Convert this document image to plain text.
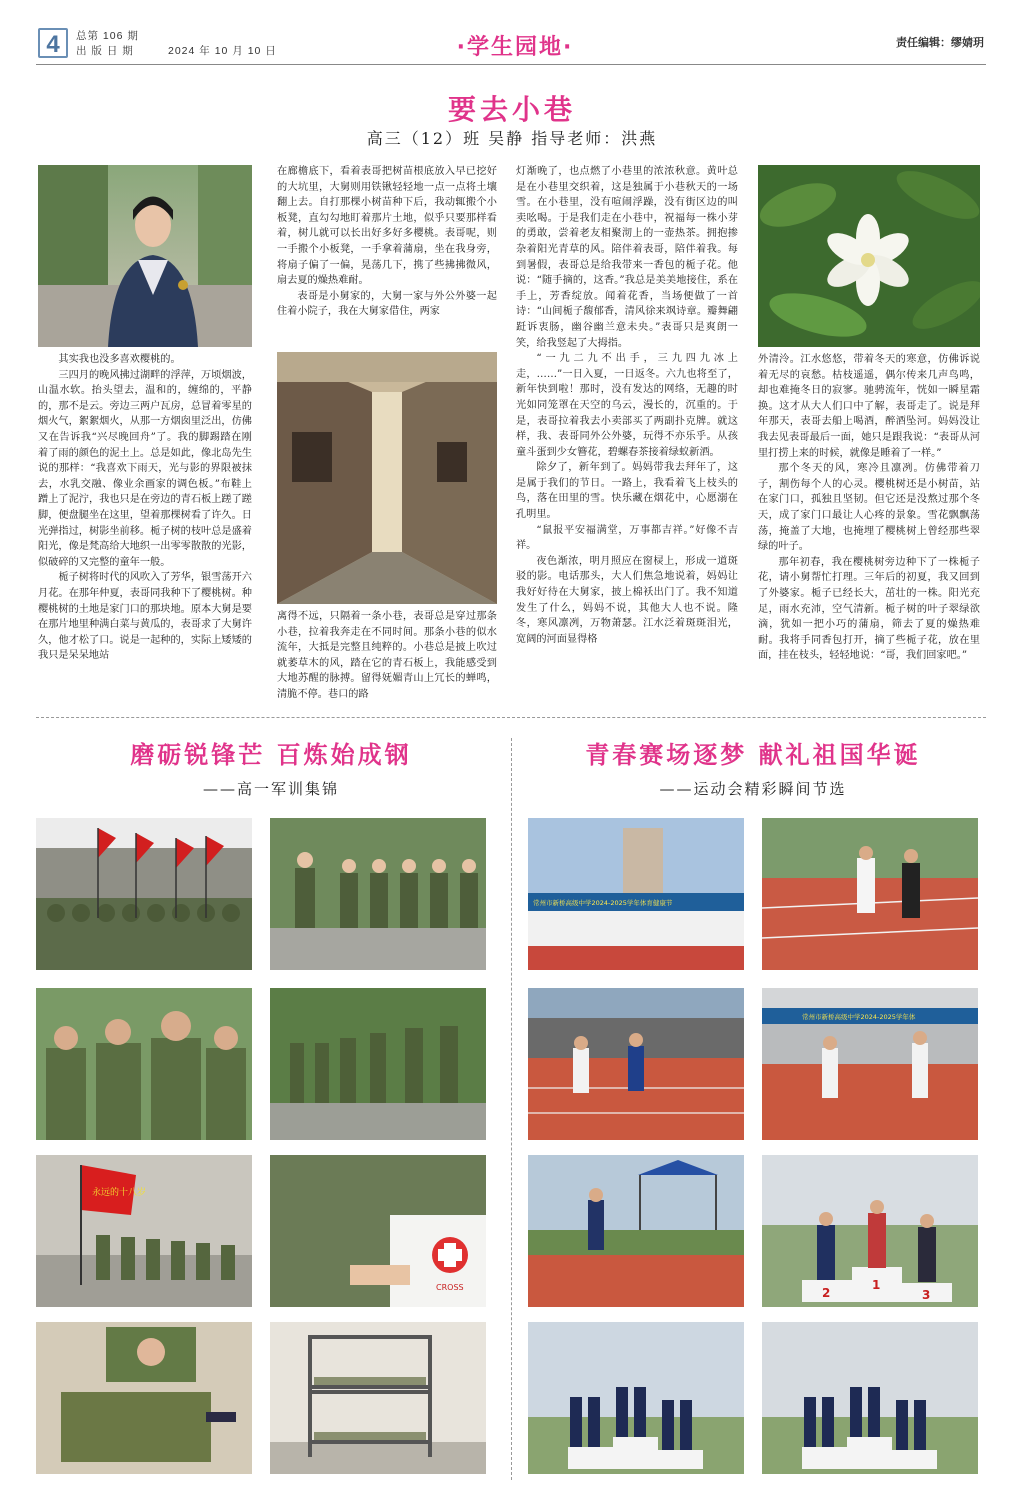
4	总第 106 期
出 版 日 期	2024 年 10 月 10 日	·学生园地·	责任编辑：缪婧玥
要去小巷
高三（12）班 吴静 指导老师：洪燕

其实我也没多喜欢樱桃的。

三四月的晚风拂过湖畔的浮萍，万顷烟波，山温水软。抬头望去，温和的，缠绵的，平静的，那不是云。旁边三两户瓦房，总冒着零星的烟火气，絮絮烟火，从那一方烟囱里泛出，仿佛又在告诉我“兴尽晚回舟”了。我的脚踢踏在刚着了雨的颜色的泥土上。总是如此，像北岛先生说的那样：“我喜欢下雨天，光与影的界限被抹去，水乳交融、像业余画家的调色板。”布鞋上蹭上了泥泞，我也只是在旁边的青石板上蹉了蹉脚，便盘腿坐在这里，望着那棵树看了许久。日光弹指过，树影坐前移。栀子树的枝叶总是盛着阳光，像是梵高给大地织一出零零散散的光影，似破碎的又完整的童年一般。

栀子树将时代的风吹入了芳华，银雪荡开六月花。在那年仲夏，表哥同我种下了樱桃树。种樱桃树的土地是家门口的那块地。原本大舅是要在那片地里种满白菜与黄瓜的，表哥求了大舅许久，他才松了口。说是一起种的，实际上矮矮的我只是呆呆地站

在廊檐底下，看着表哥把树苗根底放入早已挖好的大坑里，大舅则用铁锹轻轻地一点一点将土壤翻上去。自打那棵小树苗种下后，我动辄搬个小板凳，直勾勾地盯着那片土地，似乎只要那样看着，树儿就可以长出好多好多樱桃。表哥呢，则一手搬个小板凳，一手拿着蒲扇，坐在我身旁，将扇子偏了一偏，晃荡几下，携了些拂拂微风，扇去夏的燥热难耐。

表哥是小舅家的，大舅一家与外公外婆一起住着小院子，我在大舅家借住，两家

离得不远，只隔着一条小巷，表哥总是穿过那条小巷，拉着我奔走在不同时间。那条小巷的似水流年，大抵是完整且纯粹的。小巷总是披上吹过就萎草木的风，踏在它的青石板上，我能感受到大地苏醒的脉搏。留得妩媚青山上冗长的蝉鸣，清脆不停。巷口的路

灯渐晚了，也点燃了小巷里的浓浓秋意。黄叶总是在小巷里交织着，这是独属于小巷秋天的一场雪。在小巷里，没有喧闹浮躁，没有街区边的叫卖吆喝。于是我们走在小巷中，祝福每一株小芽的勇敢，尝着老友相聚沏上的一壶热茶。拥抱掺杂着阳光青草的风。陪伴着表哥，陪伴着我。每到暑假，表哥总是给我带来一香包的栀子花。他说：“随手摘的，这香。”我总是美美地接住，系在手上，芳香绽放。闻着花香，当场便做了一首诗：“山间栀子馥郁香，清风徐来飒诗章。瓣舞翩跹诉衷肠，幽谷幽兰意未央。”表哥只是爽朗一笑，给我竖起了大拇指。

“一九二九不出手，三九四九冰上走，……”一日入夏，一日返冬。六九也将至了，新年快到啦！那时，没有发达的网络，无趣的时光如同笼罩在天空的乌云，漫长的，沉重的。于是，表哥拉着我去小卖部买了两副扑克牌。就这样，我、表哥同外公外婆，玩得不亦乐乎。从孩童斗蛋到少女簪花，碧螺春茶接着绿蚁新酒。

除夕了，新年到了。妈妈带我去拜年了，这是属于我们的节日。一路上，我看着飞上枝头的鸟，落在田里的雪。快乐藏在烟花中，心愿溺在孔明里。

“鼠报平安福满堂，万事都吉祥。”好像不吉祥。

夜色渐浓，明月照应在窗棂上，形成一道斑驳的影。电话那头，大人们焦急地说着，妈妈让我好好待在大舅家，披上棉袄出门了。我不知道发生了什么，妈妈不说，其他大人也不说。隆冬，寒风凛冽，万物萧瑟。江水泛着斑斑泪光，宽阔的河面显得格

外清泠。江水悠悠，带着冬天的寒意，仿佛诉说着无尽的哀愁。枯枝遥遥，偶尔传来几声鸟鸣，却也难掩冬日的寂寥。驰骋流年，恍如一瞬星霜换。这才从大人们口中了解，表哥走了。说是拜年那天，表哥去船上喝酒，醉酒坠河。妈妈没让我去见表哥最后一面，她只是跟我说：“表哥从河里打捞上来的时候，就像是睡着了一样。”

那个冬天的风，寒冷且凛冽。仿佛带着刀子，割伤每个人的心灵。樱桃树还是小树苗，站在家门口，孤独且坚韧。但它还是没熬过那个冬天，成了家门口最让人心疼的景象。雪花飘飘荡荡，掩盖了大地，也掩埋了樱桃树上曾经那些翠绿的叶子。

那年初春，我在樱桃树旁边种下了一株栀子花，请小舅帮忙打理。三年后的初夏，我又回到了外婆家。栀子已经长大，茁壮的一株。阳光充足，雨水充沛，空气清新。栀子树的叶子翠绿欲滴，犹如一把小巧的蒲扇，筛去了夏的燥热难耐。我将手同香包打开，摘了些栀子花，放在里面，挂在枝头，轻轻地说：“哥，我们回家吧。”

磨砺锐锋芒 百炼始成钢
——高一军训集锦
永远的十八岁
CROSS
青春赛场逐梦 献礼祖国华诞
——运动会精彩瞬间节选
常州市新桥高级中学2024-2025学年体育健康节
常州市新桥高级中学2024-2025学年体
2
1
3
